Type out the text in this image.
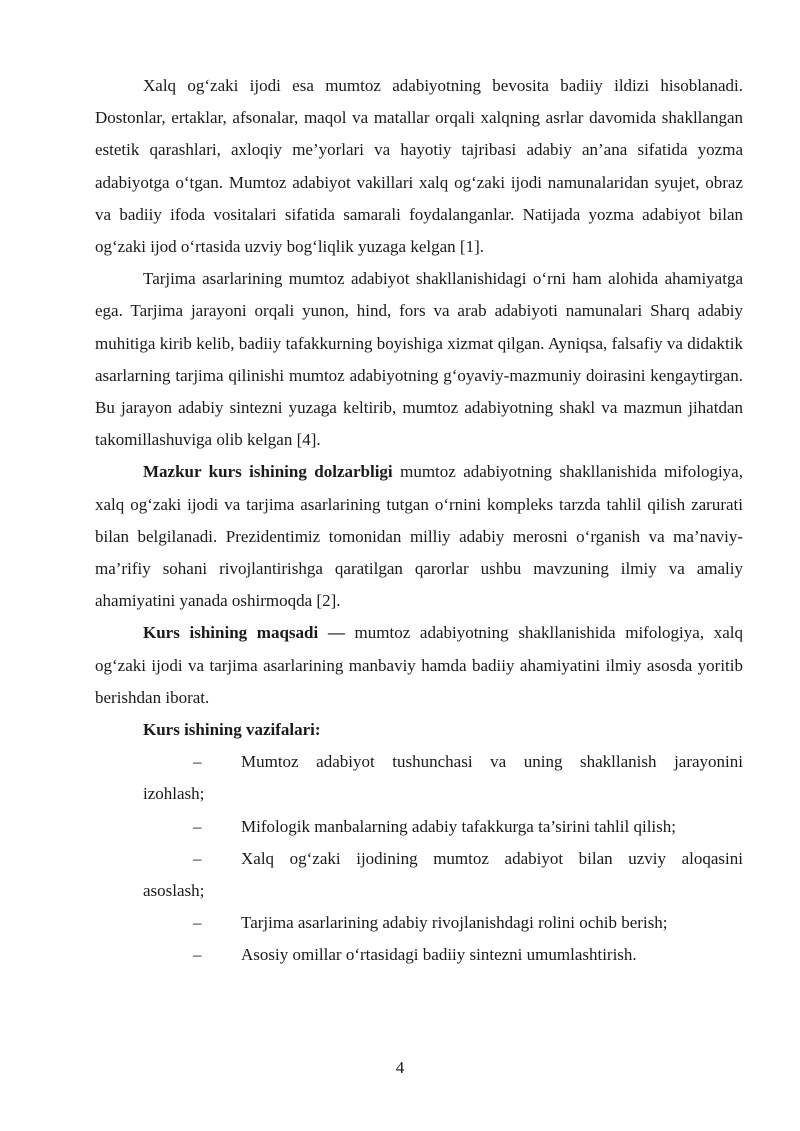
Xalq og‘zaki ijodi esa mumtoz adabiyotning bevosita badiiy ildizi hisoblanadi. Dostonlar, ertaklar, afsonalar, maqol va matallar orqali xalqning asrlar davomida shakllangan estetik qarashlari, axloqiy me’yorlari va hayotiy tajribasi adabiy an’ana sifatida yozma adabiyotga o‘tgan. Mumtoz adabiyot vakillari xalq og‘zaki ijodi namunalaridan syujet, obraz va badiiy ifoda vositalari sifatida samarali foydalanganlar. Natijada yozma adabiyot bilan og‘zaki ijod o‘rtasida uzviy bog‘liqlik yuzaga kelgan [1].

Tarjima asarlarining mumtoz adabiyot shakllanishidagi o‘rni ham alohida ahamiyatga ega. Tarjima jarayoni orqali yunon, hind, fors va arab adabiyoti namunalari Sharq adabiy muhitiga kirib kelib, badiiy tafakkurning boyishiga xizmat qilgan. Ayniqsa, falsafiy va didaktik asarlarning tarjima qilinishi mumtoz adabiyotning g‘oyaviy-mazmuniy doirasini kengaytirgan. Bu jarayon adabiy sintezni yuzaga keltirib, mumtoz adabiyotning shakl va mazmun jihatdan takomillashuviga olib kelgan [4].

Mazkur kurs ishining dolzarbligi mumtoz adabiyotning shakllanishida mifologiya, xalq og‘zaki ijodi va tarjima asarlarining tutgan o‘rnini kompleks tarzda tahlil qilish zarurati bilan belgilanadi. Prezidentimiz tomonidan milliy adabiy merosni o‘rganish va ma’naviy-ma’rifiy sohani rivojlantirishga qaratilgan qarorlar ushbu mavzuning ilmiy va amaliy ahamiyatini yanada oshirmoqda [2].

Kurs ishining maqsadi — mumtoz adabiyotning shakllanishida mifologiya, xalq og‘zaki ijodi va tarjima asarlarining manbaviy hamda badiiy ahamiyatini ilmiy asosda yoritib berishdan iborat.

Kurs ishining vazifalari:

–	Mumtoz adabiyot tushunchasi va uning shakllanish jarayonini
izohlash;
–	Mifologik manbalarning adabiy tafakkurga ta’sirini tahlil qilish;
–	Xalq og‘zaki ijodining mumtoz adabiyot bilan uzviy aloqasini
asoslash;
–	Tarjima asarlarining adabiy rivojlanishdagi rolini ochib berish;
–	Asosiy omillar o‘rtasidagi badiiy sintezni umumlashtirish.
4
